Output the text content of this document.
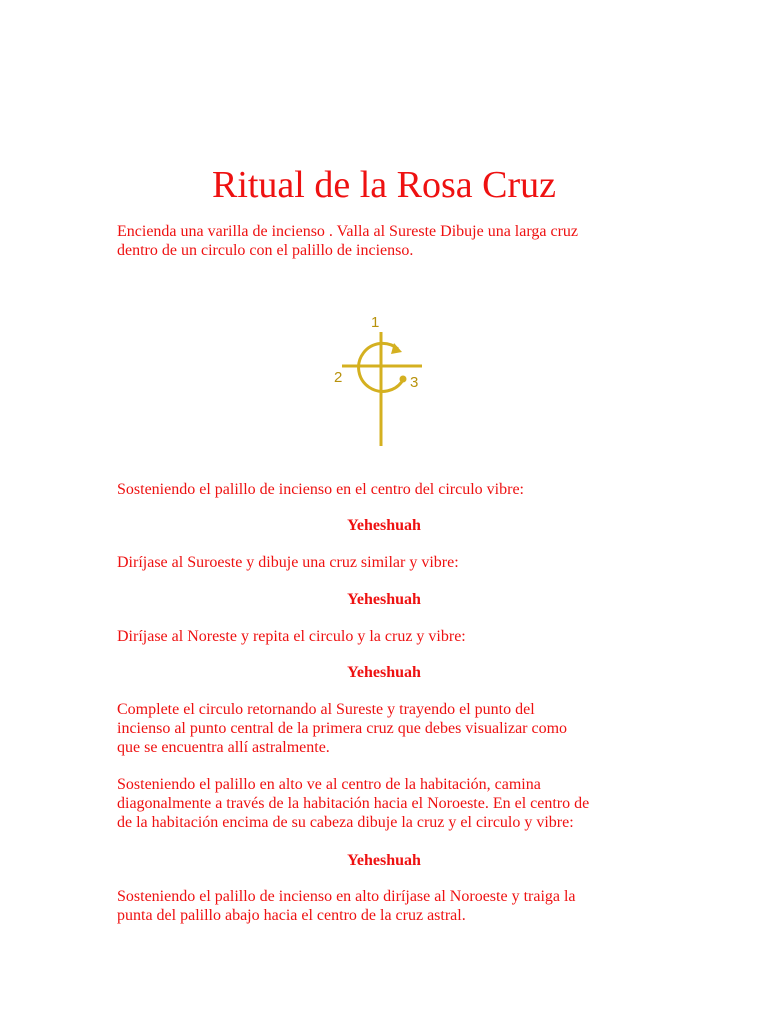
Ritual de la Rosa Cruz

Encienda una varilla de incienso . Valla al Sureste Dibuje una larga cruz
dentro de un circulo con el palillo de incienso.

1
2	3

Sosteniendo el palillo de incienso en el centro del circulo vibre:

Yeheshuah

Diríjase al Suroeste y dibuje una cruz similar y vibre:

Yeheshuah

Diríjase al Noreste y repita el circulo y la cruz y vibre:

Yeheshuah

Complete el circulo retornando al Sureste y trayendo el punto del
incienso al punto central de la primera cruz que debes visualizar como
que se encuentra allí astralmente.

Sosteniendo el palillo en alto ve al centro de la habitación, camina
diagonalmente a través de la habitación hacia el Noroeste. En el centro de
de la habitación encima de su cabeza dibuje la cruz y el circulo y vibre:

Yeheshuah

Sosteniendo el palillo de incienso en alto diríjase al Noroeste y traiga la
punta del palillo abajo hacia el centro de la cruz astral.
